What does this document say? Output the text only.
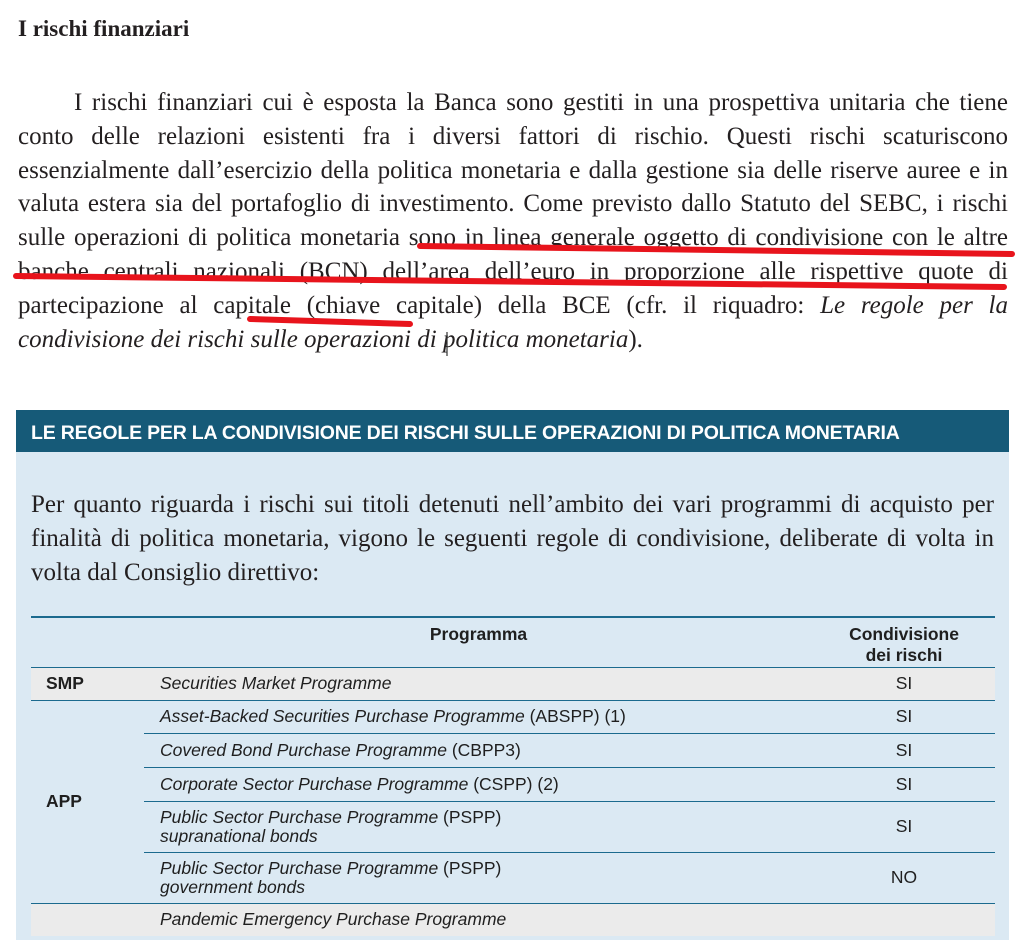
I rischi finanziari
I rischi finanziari cui è esposta la Banca sono gestiti in una prospettiva unitaria che tiene conto delle relazioni esistenti fra i diversi fattori di rischio. Questi rischi scaturiscono essenzialmente dall’esercizio della politica monetaria e dalla gestione sia delle riserve auree e in valuta estera sia del portafoglio di investimento. Come previsto dallo Statuto del SEBC, i rischi sulle operazioni di politica monetaria sono in linea generale oggetto di condivisione con le altre banche centrali nazionali (BCN) dell’area dell’euro in proporzione alle rispettive quote di partecipazione al capitale (chiave capitale) della BCE (cfr. il riquadro: Le regole per la condivisione dei rischi sulle operazioni di politica monetaria).
LE REGOLE PER LA CONDIVISIONE DEI RISCHI SULLE OPERAZIONI DI POLITICA MONETARIA
Per quanto riguarda i rischi sui titoli detenuti nell’ambito dei vari programmi di acquisto per finalità di politica monetaria, vigono le seguenti regole di condivisione, deliberate di volta in volta dal Consiglio direttivo:
	Programma	Condivisione
dei rischi
SMP	Securities Market Programme	SI
APP	Asset-Backed Securities Purchase Programme (ABSPP) (1)	SI
	Covered Bond Purchase Programme (CBPP3)	SI
	Corporate Sector Purchase Programme (CSPP) (2)	SI
	Public Sector Purchase Programme (PSPP)
supranational bonds	SI
	Public Sector Purchase Programme (PSPP)
government bonds	NO
	Pandemic Emergency Purchase Programme	
